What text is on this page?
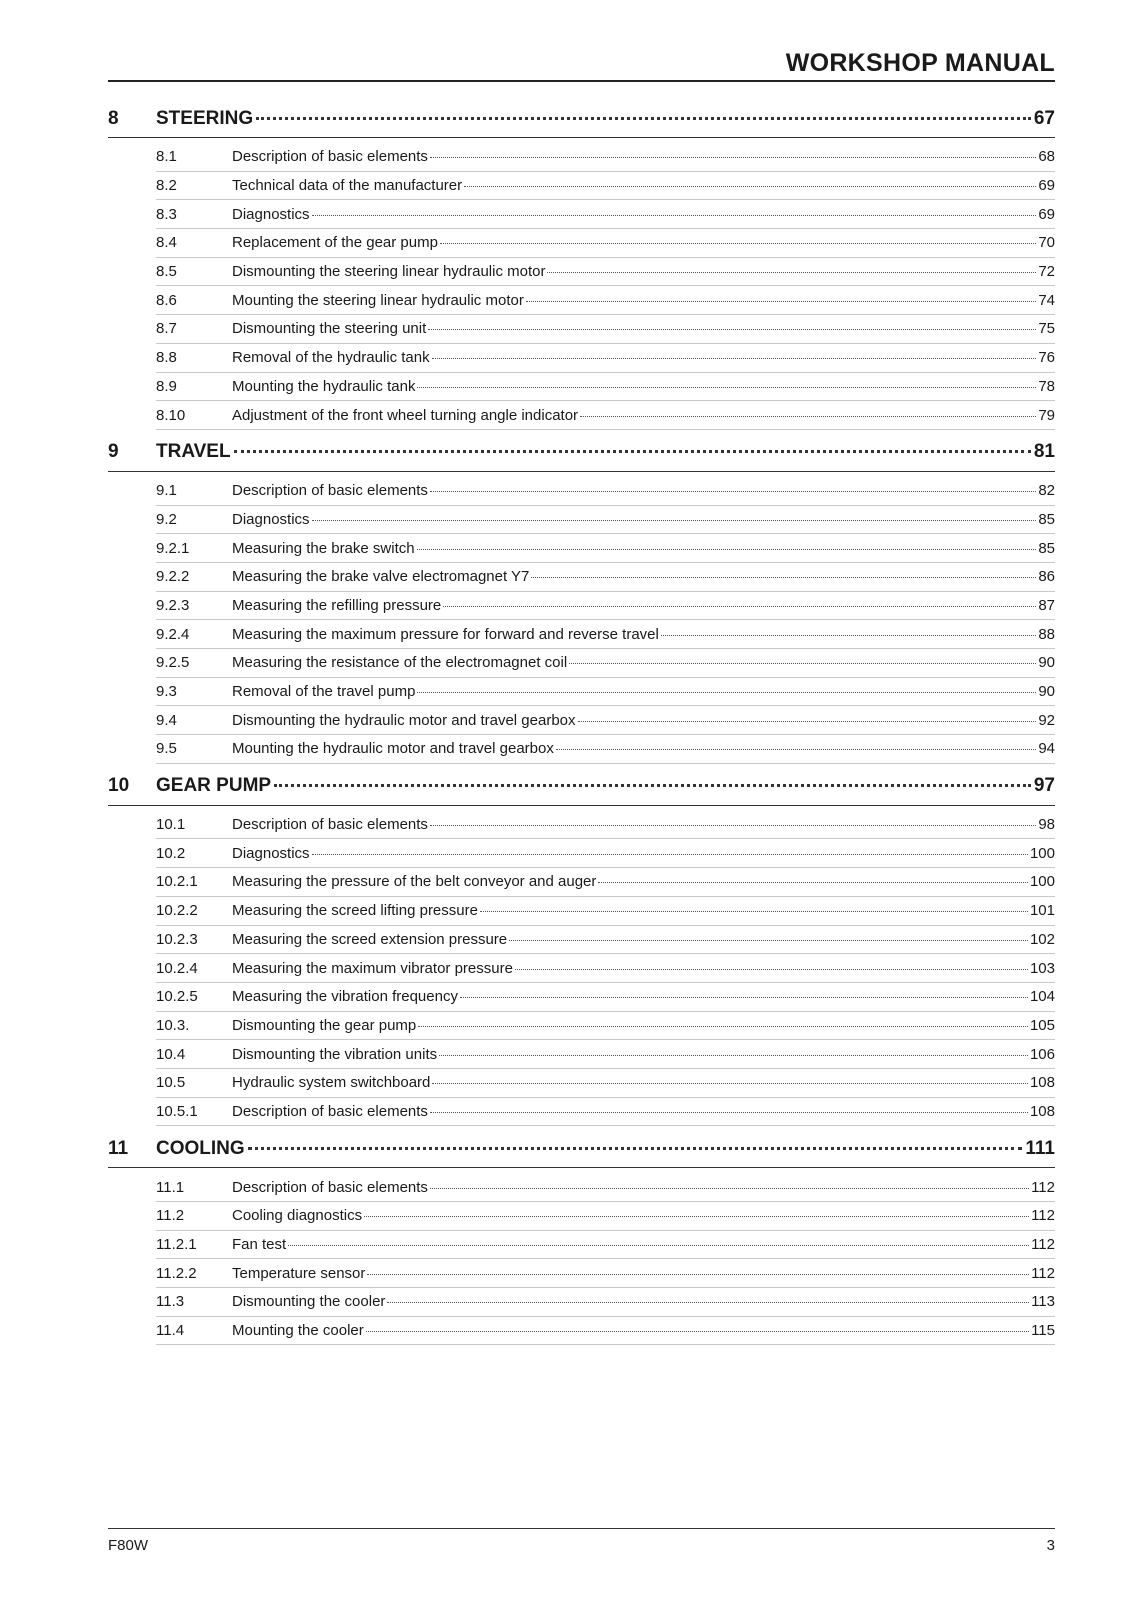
WORKSHOP MANUAL
8	STEERING	67
8.1	Description of basic elements	68
8.2	Technical data of the manufacturer	69
8.3	Diagnostics	69
8.4	Replacement of the gear pump	70
8.5	Dismounting the steering linear hydraulic motor	72
8.6	Mounting the steering linear hydraulic motor	74
8.7	Dismounting the steering unit	75
8.8	Removal of the hydraulic tank	76
8.9	Mounting the hydraulic tank	78
8.10	Adjustment of the front wheel turning angle indicator	79
9	TRAVEL	81
9.1	Description of basic elements	82
9.2	Diagnostics	85
9.2.1	Measuring the brake switch	85
9.2.2	Measuring the brake valve electromagnet Y7	86
9.2.3	Measuring the refilling pressure	87
9.2.4	Measuring the maximum pressure for forward and reverse travel	88
9.2.5	Measuring the resistance of the electromagnet coil	90
9.3	Removal of the travel pump	90
9.4	Dismounting the hydraulic motor and travel gearbox	92
9.5	Mounting the hydraulic motor and travel gearbox	94
10	GEAR PUMP	97
10.1	Description of basic elements	98
10.2	Diagnostics	100
10.2.1	Measuring the pressure of the belt conveyor and auger	100
10.2.2	Measuring the screed lifting pressure	101
10.2.3	Measuring the screed extension pressure	102
10.2.4	Measuring the maximum vibrator pressure	103
10.2.5	Measuring the vibration frequency	104
10.3.	Dismounting the gear pump	105
10.4	Dismounting the vibration units	106
10.5	Hydraulic system switchboard	108
10.5.1	Description of basic elements	108
11	COOLING	111
11.1	Description of basic elements	112
11.2	Cooling diagnostics	112
11.2.1	Fan test	112
11.2.2	Temperature sensor	112
11.3	Dismounting the cooler	113
11.4	Mounting the cooler	115
F80W	3
